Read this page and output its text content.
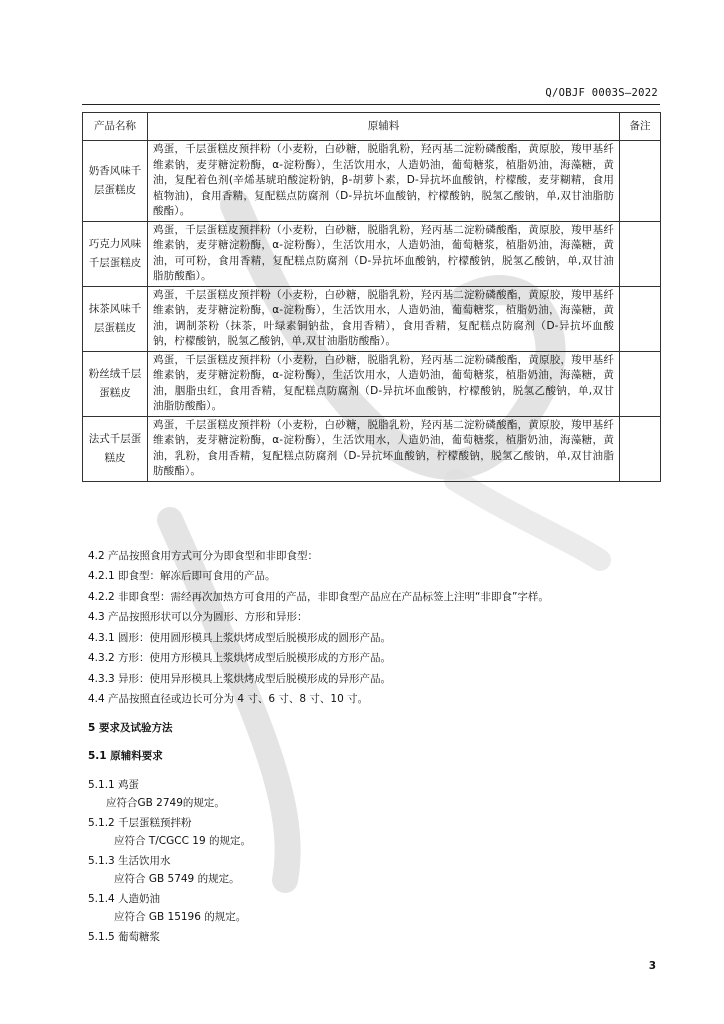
Q/OBJF 0003S—2022
产品名称	原辅料	备注
奶香风味千层蛋糕皮	鸡蛋，千层蛋糕皮预拌粉（小麦粉，白砂糖，脱脂乳粉，羟丙基二淀粉磷酸酯，黄原胶，羧甲基纤维素钠，麦芽糖淀粉酶，α-淀粉酶），生活饮用水，人造奶油，葡萄糖浆，植脂奶油，海藻糖，黄油，复配着色剂(辛烯基琥珀酸淀粉钠，β-胡萝卜素，D-异抗坏血酸钠，柠檬酸，麦芽糊精，食用植物油)，食用香精，复配糕点防腐剂（D-异抗坏血酸钠，柠檬酸钠，脱氢乙酸钠，单,双甘油脂肪酸酯）。	
巧克力风味千层蛋糕皮	鸡蛋，千层蛋糕皮预拌粉（小麦粉，白砂糖，脱脂乳粉，羟丙基二淀粉磷酸酯，黄原胶，羧甲基纤维素钠，麦芽糖淀粉酶，α-淀粉酶），生活饮用水，人造奶油，葡萄糖浆，植脂奶油，海藻糖，黄油，可可粉，食用香精，复配糕点防腐剂（D-异抗坏血酸钠，柠檬酸钠，脱氢乙酸钠，单,双甘油脂肪酸酯）。	
抹茶风味千层蛋糕皮	鸡蛋，千层蛋糕皮预拌粉（小麦粉，白砂糖，脱脂乳粉，羟丙基二淀粉磷酸酯，黄原胶，羧甲基纤维素钠，麦芽糖淀粉酶，α-淀粉酶），生活饮用水，人造奶油，葡萄糖浆，植脂奶油，海藻糖，黄油，调制茶粉（抹茶，叶绿素铜钠盐，食用香精），食用香精，复配糕点防腐剂（D-异抗坏血酸钠，柠檬酸钠，脱氢乙酸钠，单,双甘油脂肪酸酯）。	
粉丝绒千层蛋糕皮	鸡蛋，千层蛋糕皮预拌粉（小麦粉，白砂糖，脱脂乳粉，羟丙基二淀粉磷酸酯，黄原胶，羧甲基纤维素钠，麦芽糖淀粉酶，α-淀粉酶），生活饮用水，人造奶油，葡萄糖浆，植脂奶油，海藻糖，黄油，胭脂虫红，食用香精，复配糕点防腐剂（D-异抗坏血酸钠，柠檬酸钠，脱氢乙酸钠，单,双甘油脂肪酸酯）。	
法式千层蛋糕皮	鸡蛋，千层蛋糕皮预拌粉（小麦粉，白砂糖，脱脂乳粉，羟丙基二淀粉磷酸酯，黄原胶，羧甲基纤维素钠，麦芽糖淀粉酶，α-淀粉酶），生活饮用水，人造奶油，葡萄糖浆，植脂奶油，海藻糖，黄油，乳粉，食用香精，复配糕点防腐剂（D-异抗坏血酸钠，柠檬酸钠，脱氢乙酸钠，单,双甘油脂肪酸酯）。	
4.2 产品按照食用方式可分为即食型和非即食型：
4.2.1 即食型：解冻后即可食用的产品。
4.2.2 非即食型：需经再次加热方可食用的产品，非即食型产品应在产品标签上注明“非即食”字样。
4.3 产品按照形状可以分为圆形、方形和异形：
4.3.1 圆形：使用圆形模具上浆烘烤成型后脱模形成的圆形产品。
4.3.2 方形：使用方形模具上浆烘烤成型后脱模形成的方形产品。
4.3.3 异形：使用异形模具上浆烘烤成型后脱模形成的异形产品。
4.4 产品按照直径或边长可分为 4 寸、6 寸、8 寸、10 寸。
5 要求及试验方法
5.1 原辅料要求
5.1.1 鸡蛋
应符合GB 2749的规定。
5.1.2 千层蛋糕预拌粉
应符合 T/CGCC 19 的规定。
5.1.3 生活饮用水
应符合 GB 5749 的规定。
5.1.4 人造奶油
应符合 GB 15196 的规定。
5.1.5 葡萄糖浆
3
